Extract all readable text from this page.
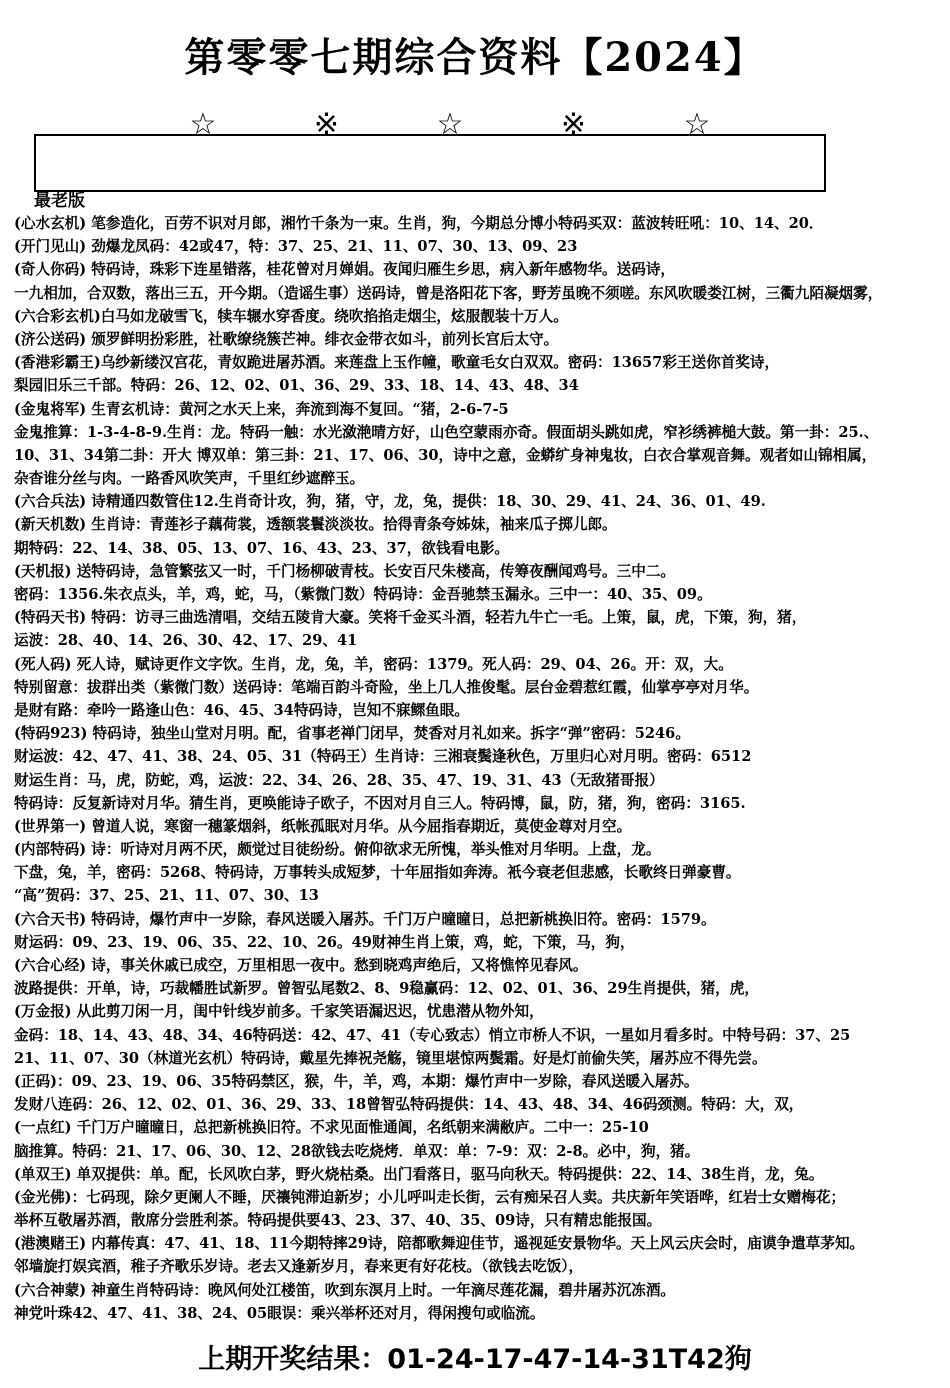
第零零七期综合资料【2024】
☆	※	☆	※	☆
最老版
(心水玄机) 笔参造化，百劳不识对月郎，湘竹千条为一束。生肖，狗，今期总分博小特码买双：蓝波转旺吼：10、14、20．
(开门见山) 劲爆龙凤码：42或47，特：37、25、21、11、07、30、13、09、23
(奇人你码) 特码诗，珠彩下连星错落，桂花曾对月婵娟。夜闻归雁生乡思，病入新年感物华。送码诗，
一九相加，合双数，落出三五，开今期。（造谣生事）送码诗，曾是洛阳花下客，野芳虽晚不须嗟。东风吹暖娄江树，三衢九陌凝烟雾，
(六合彩玄机)白马如龙破雪飞，犊车辗水穿香度。绕吹掐掐走烟尘，炫服靓装十万人。
(济公送码) 颁罗鲜明扮彩胜，社歌缭绕簇芒神。绯衣金带衣如斗，前列长宫后太守。
(香港彩霸王)乌纱新缕汉宫花，青奴跪进屠苏酒。来莲盘上玉作幢，歌童毛女白双双。密码：13657彩王送你首奖诗，
梨园旧乐三千部。特码：26、12、02、01、36、29、33、18、14、43、48、34
(金鬼将军) 生青玄机诗：黄河之水天上来，奔流到海不复回。“猪，2-6-7-5
金鬼推算：1-3-4-8-9.生肖：龙。特码一触：水光潋滟晴方好，山色空蒙雨亦奇。假面胡头跳如虎，窄衫绣裤槌大鼓。第一卦：25.、
10、31、34第二卦：开大 博双单：第三卦：21、17、06、30，诗中之意，金蟒纩身神鬼妆，白衣合掌观音舞。观者如山锦相属，
杂杳谁分丝与肉。一路香风吹笑声，千里红纱遮醉玉。
(六合兵法) 诗精通四数管住12.生肖奇计攻，狗，猪，守，龙，兔，提供：18、30、29、41、24、36、01、49.
(新天机数) 生肖诗：青莲衫子藕荷裳，透额裳鬟淡淡妆。拾得青条夸姊妹，袖来瓜子掷儿郎。
期特码：22、14、38、05、13、07、16、43、23、37，欲钱看电影。
(天机报) 送特码诗，急管繁弦又一时，千门杨柳破青枝。长安百尺朱楼高，传筹夜酬闻鸡号。三中二。
密码：1356.朱衣点头，羊，鸡，蛇，马，（紫微门数）特码诗：金吾驰禁玉漏永。三中一：40、35、09。
(特码天书) 特码：访寻三曲选清唱，交结五陵肯大豪。笑将千金买斗酒，轻若九牛亡一毛。上策，鼠，虎，下策，狗，猪，
运波：28、40、14、26、30、42、17、29、41
(死人码) 死人诗，赋诗更作文字饮。生肖，龙，兔，羊，密码：1379。死人码：29、04、26。开：双，大。
特别留意：拔群出类（紫微门数）送码诗：笔端百韵斗奇险，坐上几人推俊髦。层台金碧惹红霞，仙掌亭亭对月华。
是财有路：牵吟一路逢山色：46、45、34特码诗，岂知不寐鳏鱼眼。
(特码923) 特码诗，独坐山堂对月明。配，省事老禅门闭早，焚香对月礼如来。拆字“弹”密码：5246。
财运波：42、47、41、38、24、05、31（特码王）生肖诗：三湘衰鬓逢秋色，万里归心对月明。密码：6512
财运生肖：马，虎，防蛇，鸡，运波：22、34、26、28、35、47、19、31、43（无敌猪哥报）
特码诗：反复新诗对月华。猜生肖，更唤能诗子欧子，不因对月自三人。特码博，鼠，防，猪，狗，密码：3165.
(世界第一) 曾道人说，寒窗一穗篆烟斜，纸帐孤眠对月华。从今屈指春期近，莫使金尊对月空。
(内部特码) 诗：听诗对月两不厌，颇觉过目徒纷纷。俯仰欲求无所愧，举头惟对月华明。上盘，龙。
下盘，兔，羊，密码：5268、特码诗，万事转头成短梦，十年屈指如奔涛。衹今衰老但悲感，长歌终日弹豪曹。
“高”贺码：37、25、21、11、07、30、13
(六合天书) 特码诗，爆竹声中一岁除，春风送暖入屠苏。千门万户曈曈日，总把新桃换旧符。密码：1579。
财运码：09、23、19、06、35、22、10、26。49财神生肖上策，鸡，蛇，下策，马，狗，
(六合心经) 诗，事关休戚已成空，万里相思一夜中。愁到晓鸡声绝后，又将憔悴见春风。
波路提供：开单，诗，巧裁幡胜试新罗。曾智弘尾数2、8、9稳赢码：12、02、01、36、29生肖提供，猪，虎，
(万金报) 从此剪刀闲一月，闺中针线岁前多。千家笑语漏迟迟，忧患潜从物外知，
金码：18、14、43、48、34、46特码送：42、47、41（专心致志）悄立市桥人不识，一星如月看多时。中特号码：37、25
21、11、07、30（林道光玄机）特码诗，戴星先捧祝尧觞，镜里堪惊两鬓霜。好是灯前偷失笑，屠苏应不得先尝。
(正码)：09、23、19、06、35特码禁区，猴，牛，羊，鸡，本期：爆竹声中一岁除，春风送暖入屠苏。
发财八连码：26、12、02、01、36、29、33、18曾智弘特码提供：14、43、48、34、46码颈测。特码：大，双，
(一点红) 千门万户曈曈日，总把新桃换旧符。不求见面惟通阊，名纸朝来满敝庐。二中一：25-10
脑推算。特码：21、17、06、30、12、28欲钱去吃烧烤．单双：单：7-9：双：2-8。必中，狗，猪。
(单双王) 单双提供：单。配，长风吹白茅，野火烧枯桑。出门看落日，驱马向秋天。特码提供：22、14、38生肖，龙，兔。
(金光佛)：七码现，除夕更阑人不睡，厌禳钝滞迫新岁；小儿呼叫走长街，云有痴呆召人卖。共庆新年笑语哗，红岩士女赠梅花；
举杯互敬屠苏酒，散席分尝胜利茶。特码提供要43、23、37、40、35、09诗，只有精忠能报国。
(港澳赌王) 内幕传真：47、41、18、11今期特摔29诗，陪都歌舞迎佳节，遥视延安景物华。天上风云庆会时，庙谟争遣草茅知。
邻墙旋打娱宾酒，稚子齐歌乐岁诗。老去又逢新岁月，春来更有好花枝。（欲钱去吃饭），
(六合神蒙) 神童生肖特码诗：晚风何处江楼笛，吹到东溟月上时。一年滴尽莲花漏，碧井屠苏沉冻酒。
神党叶珠42、47、41、38、24、05眼误：乘兴举杯还对月，得闲搜句或临流。
上期开奖结果：01-24-17-47-14-31T42狗
